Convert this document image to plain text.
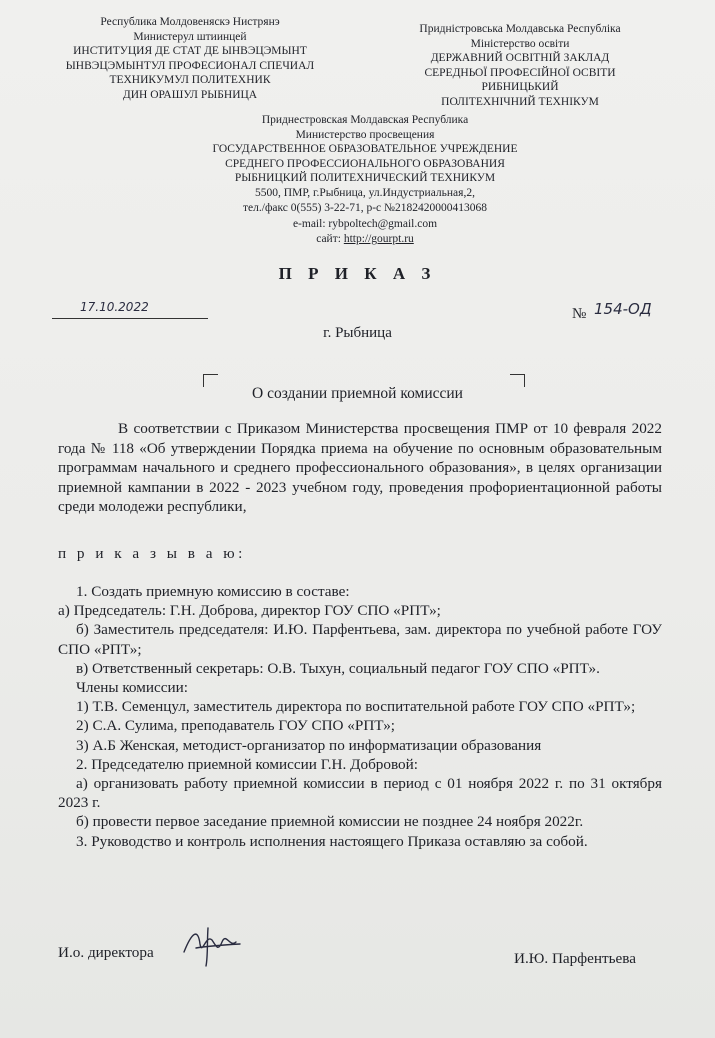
Республика Молдовеняскэ Нистрянэ
Министерул штиинцей
ИНСТИТУЦИЯ ДЕ СТАТ ДЕ ЫНВЭЦЭМЫНТ
ЫНВЭЦЭМЫНТУЛ ПРОФЕСИОНАЛ СПЕЧИАЛ
ТЕХНИКУМУЛ ПОЛИТЕХНИК
ДИН ОРАШУЛ РЫБНИЦА
Придністровська Молдавська Республіка
Міністерство освіти
ДЕРЖАВНИЙ ОСВІТНІЙ ЗАКЛАД
СЕРЕДНЬОЇ ПРОФЕСІЙНОЇ ОСВІТИ
РИБНИЦЬКИЙ
ПОЛІТЕХНІЧНИЙ ТЕХНІКУМ
Приднестровская Молдавская Республика
Министерство просвещения
ГОСУДАРСТВЕННОЕ ОБРАЗОВАТЕЛЬНОЕ УЧРЕЖДЕНИЕ
СРЕДНЕГО ПРОФЕССИОНАЛЬНОГО ОБРАЗОВАНИЯ
РЫБНИЦКИЙ ПОЛИТЕХНИЧЕСКИЙ ТЕХНИКУМ
5500, ПМР, г.Рыбница, ул.Индустриальная,2,
тел./факс 0(555) 3-22-71, р-с №2182420000413068
e-mail: rybpoltech@gmail.com
сайт: http://gourpt.ru
П Р И К А З
17.10.2022	№ 154-ОД
г. Рыбница
О создании приемной комиссии
В соответствии с Приказом Министерства просвещения ПМР от 10 февраля 2022 года № 118 «Об утверждении Порядка приема на обучение по основным образовательным программам начального и среднего профессионального образования», в целях организации приемной кампании в 2022 - 2023 учебном году, проведения профориентационной работы среди молодежи республики,
п р и к а з ы в а ю:
1. Создать приемную комиссию в составе:
а) Председатель: Г.Н. Доброва, директор ГОУ СПО «РПТ»;
б) Заместитель председателя: И.Ю. Парфентьева, зам. директора по учебной работе ГОУ СПО «РПТ»;
в) Ответственный секретарь: О.В. Тыхун, социальный педагог ГОУ СПО «РПТ».
Члены комиссии:
1) Т.В. Семенцул, заместитель директора по воспитательной работе ГОУ СПО «РПТ»;
2) С.А. Сулима, преподаватель ГОУ СПО «РПТ»;
3) А.Б Женская, методист-организатор по информатизации образования
2. Председателю приемной комиссии Г.Н. Добровой:
а) организовать работу приемной комиссии в период с 01 ноября 2022 г. по 31 октября 2023 г.
б) провести первое заседание приемной комиссии не позднее 24 ноября 2022г.
3. Руководство и контроль исполнения настоящего Приказа оставляю за собой.
И.о. директора	И.Ю. Парфентьева
